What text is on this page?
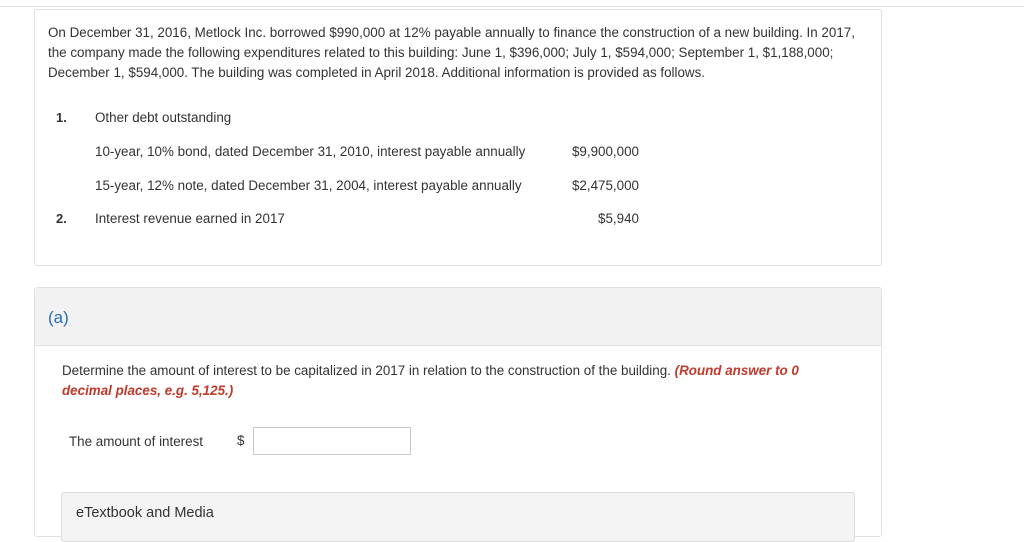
On December 31, 2016, Metlock Inc. borrowed $990,000 at 12% payable annually to finance the construction of a new building. In 2017, the company made the following expenditures related to this building: June 1, $396,000; July 1, $594,000; September 1, $1,188,000; December 1, $594,000. The building was completed in April 2018. Additional information is provided as follows.
1. Other debt outstanding
10-year, 10% bond, dated December 31, 2010, interest payable annually	$9,900,000
15-year, 12% note, dated December 31, 2004, interest payable annually	$2,475,000
2. Interest revenue earned in 2017	$5,940
(a)
Determine the amount of interest to be capitalized in 2017 in relation to the construction of the building. (Round answer to 0 decimal places, e.g. 5,125.)
The amount of interest	$
eTextbook and Media
